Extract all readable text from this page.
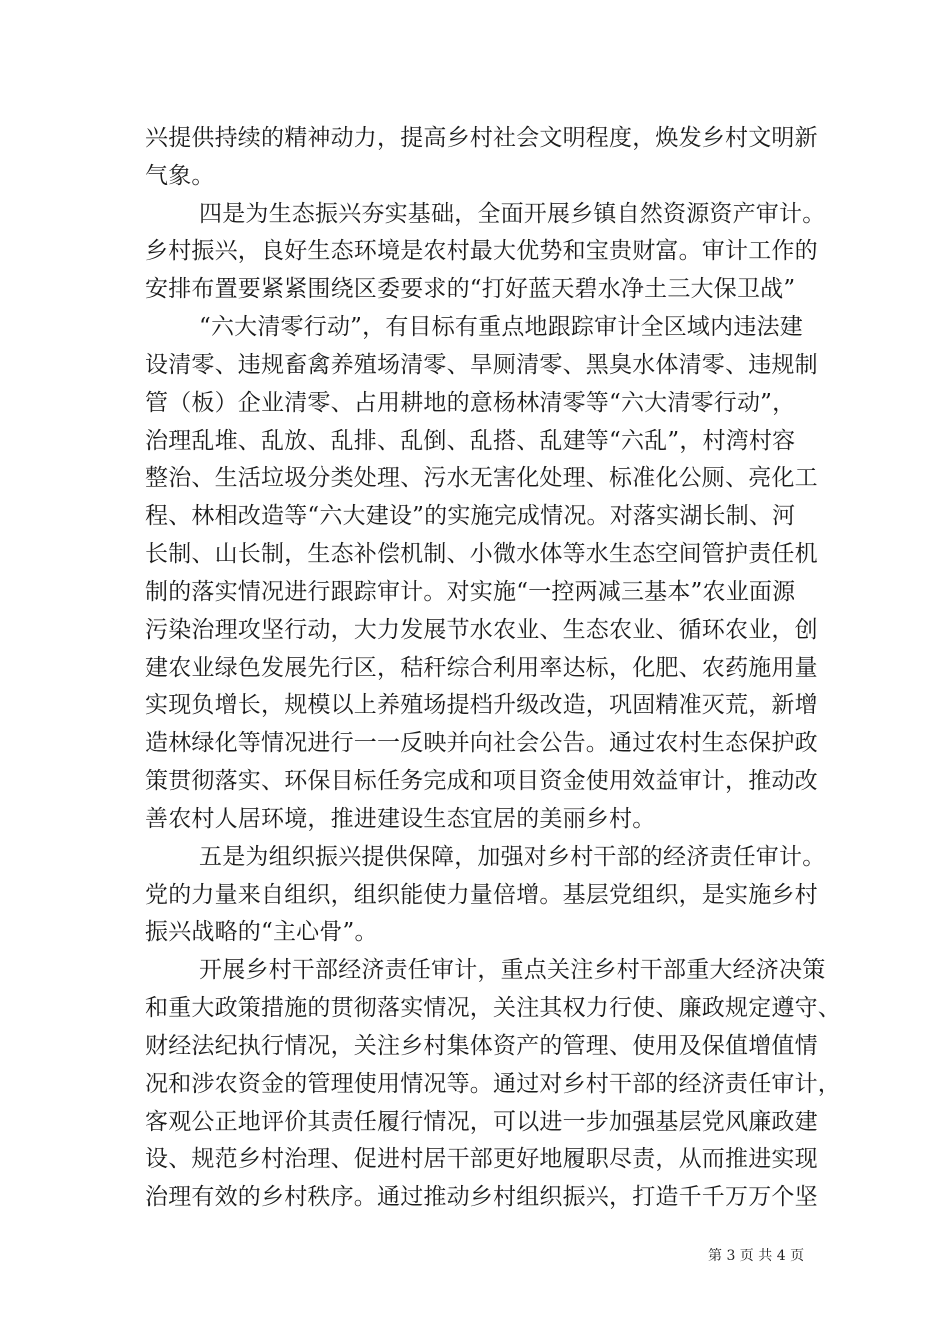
兴提供持续的精神动力，提高乡村社会文明程度，焕发乡村文明新
气象。
四是为生态振兴夯实基础，全面开展乡镇自然资源资产审计。
乡村振兴，良好生态环境是农村最大优势和宝贵财富。审计工作的
安排布置要紧紧围绕区委要求的“打好蓝天碧水净土三大保卫战”
“六大清零行动”，有目标有重点地跟踪审计全区域内违法建
设清零、违规畜禽养殖场清零、旱厕清零、黑臭水体清零、违规制
管（板）企业清零、占用耕地的意杨林清零等“六大清零行动”，
治理乱堆、乱放、乱排、乱倒、乱搭、乱建等“六乱”，村湾村容
整治、生活垃圾分类处理、污水无害化处理、标准化公厕、亮化工
程、林相改造等“六大建设”的实施完成情况。对落实湖长制、河
长制、山长制，生态补偿机制、小微水体等水生态空间管护责任机
制的落实情况进行跟踪审计。对实施“一控两减三基本”农业面源
污染治理攻坚行动，大力发展节水农业、生态农业、循环农业，创
建农业绿色发展先行区，秸秆综合利用率达标，化肥、农药施用量
实现负增长，规模以上养殖场提档升级改造，巩固精准灭荒，新增
造林绿化等情况进行一一反映并向社会公告。通过农村生态保护政
策贯彻落实、环保目标任务完成和项目资金使用效益审计，推动改
善农村人居环境，推进建设生态宜居的美丽乡村。
五是为组织振兴提供保障，加强对乡村干部的经济责任审计。
党的力量来自组织，组织能使力量倍增。基层党组织，是实施乡村
振兴战略的“主心骨”。
开展乡村干部经济责任审计，重点关注乡村干部重大经济决策
和重大政策措施的贯彻落实情况，关注其权力行使、廉政规定遵守、
财经法纪执行情况，关注乡村集体资产的管理、使用及保值增值情
况和涉农资金的管理使用情况等。通过对乡村干部的经济责任审计，
客观公正地评价其责任履行情况，可以进一步加强基层党风廉政建
设、规范乡村治理、促进村居干部更好地履职尽责，从而推进实现
治理有效的乡村秩序。通过推动乡村组织振兴，打造千千万万个坚
第 3 页 共 4 页
